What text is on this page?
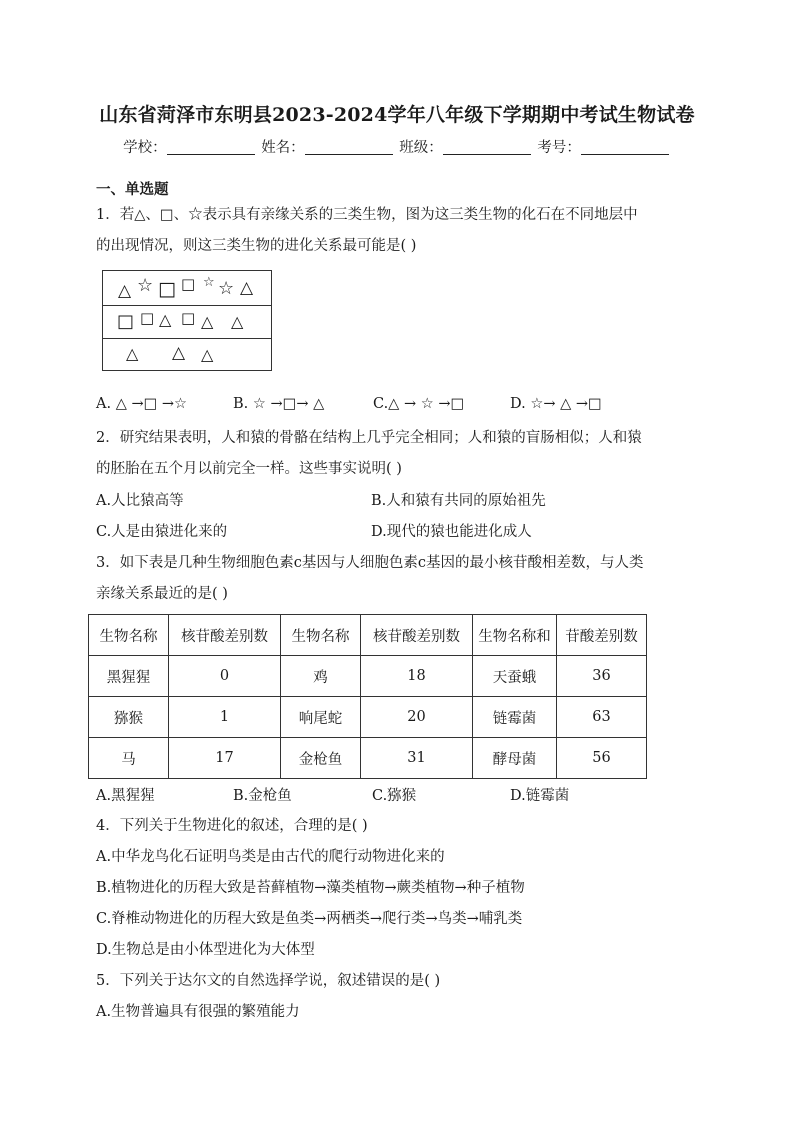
山东省菏泽市东明县2023-2024学年八年级下学期期中考试生物试卷
学校：	姓名：	班级：	考号：
一、单选题
1．若△、□、☆表示具有亲缘关系的三类生物，图为这三类生物的化石在不同地层中
的出现情况，则这三类生物的进化关系最可能是( )
△ ☆ □ □ ☆ ☆ △
□ □ △ □ △ △
△ △ △
A. △ →□ →☆	B. ☆ →□→ △	C.△ → ☆ →□	D. ☆→ △ →□
2．研究结果表明，人和猿的骨骼在结构上几乎完全相同；人和猿的盲肠相似；人和猿
的胚胎在五个月以前完全一样。这些事实说明( )
A.人比猿高等	B.人和猿有共同的原始祖先
C.人是由猿进化来的	D.现代的猿也能进化成人
3．如下表是几种生物细胞色素c基因与人细胞色素c基因的最小核苷酸相差数，与人类
亲缘关系最近的是( )
生物名称	核苷酸差别数	生物名称	核苷酸差别数	生物名称和	苷酸差别数
黑猩猩	0	鸡	18	天蚕蛾	36
猕猴	1	响尾蛇	20	链霉菌	63
马	17	金枪鱼	31	酵母菌	56
A.黑猩猩	B.金枪鱼	C.猕猴	D.链霉菌
4．下列关于生物进化的叙述，合理的是( )
A.中华龙鸟化石证明鸟类是由古代的爬行动物进化来的
B.植物进化的历程大致是苔藓植物→藻类植物→蕨类植物→种子植物
C.脊椎动物进化的历程大致是鱼类→两栖类→爬行类→鸟类→哺乳类
D.生物总是由小体型进化为大体型
5．下列关于达尔文的自然选择学说，叙述错误的是( )
A.生物普遍具有很强的繁殖能力
